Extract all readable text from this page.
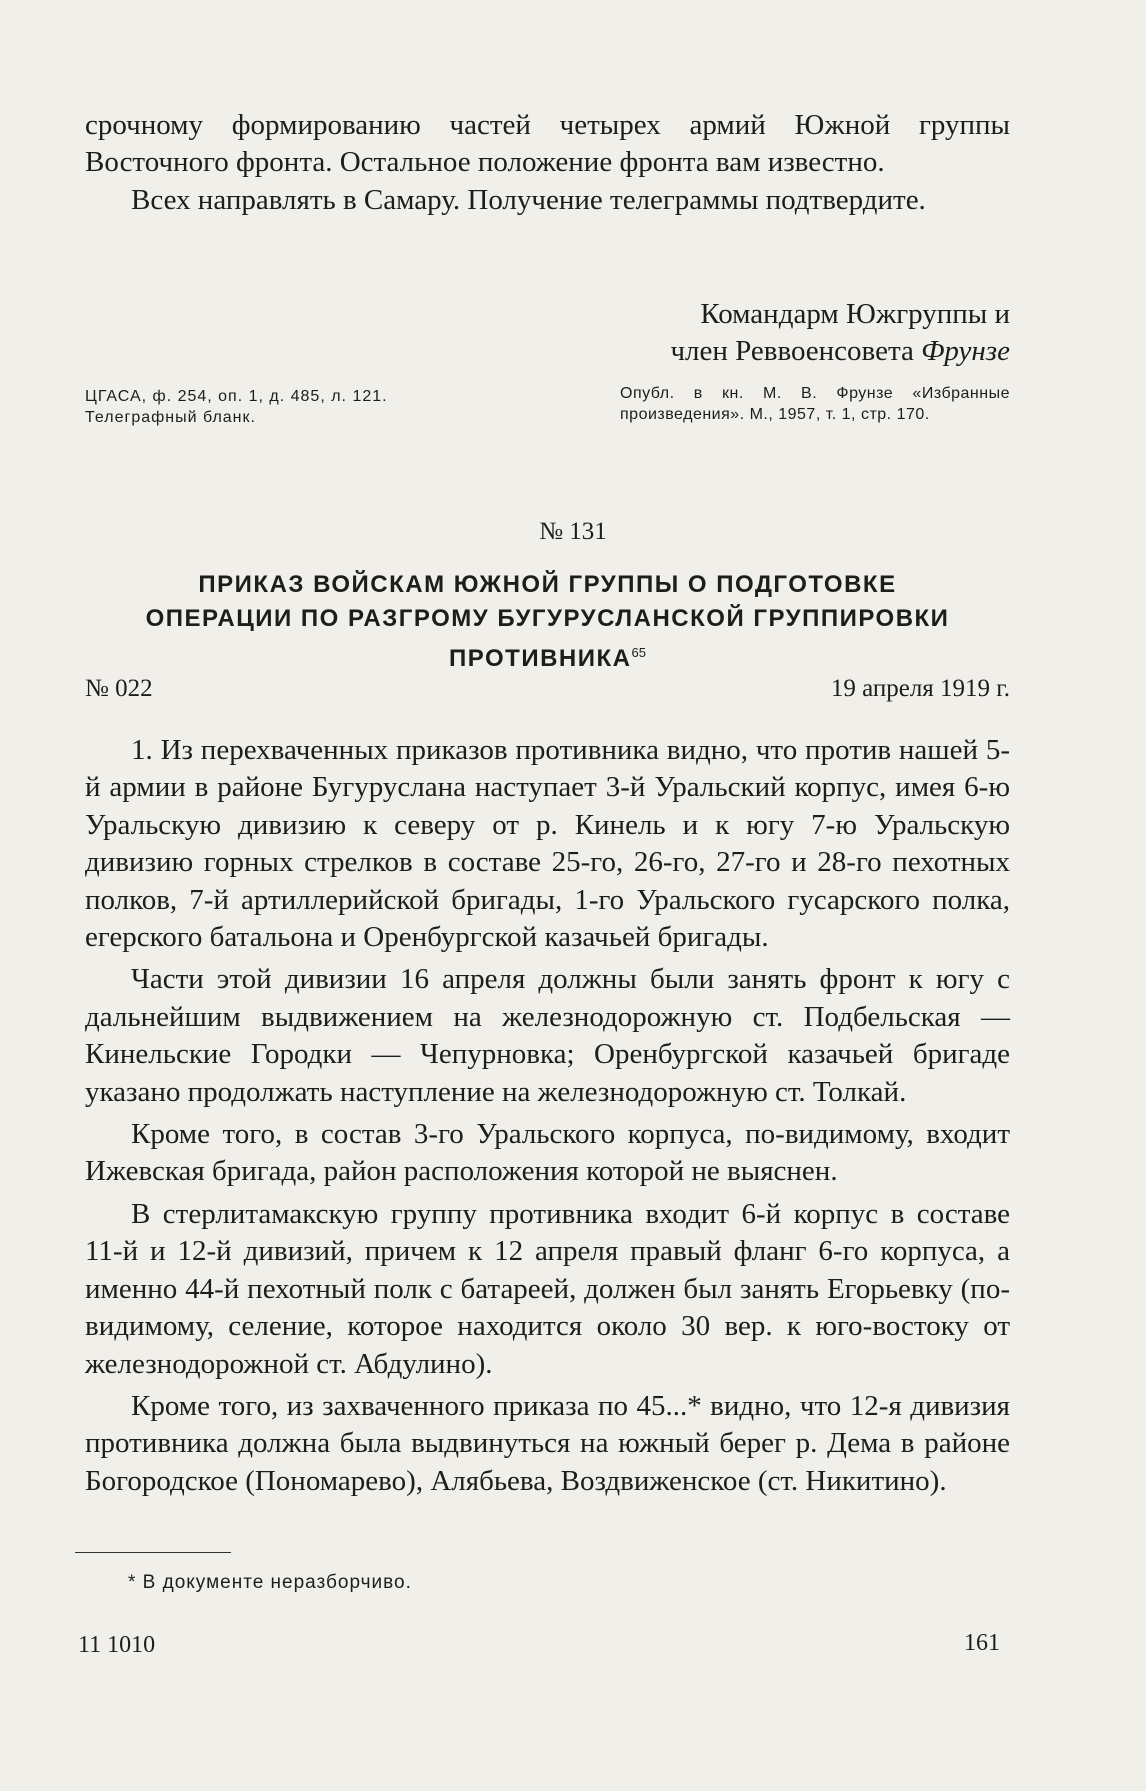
срочному формированию частей четырех армий Южной группы Восточного фронта. Остальное положение фронта вам известно.

Всех направлять в Самару. Получение телеграммы подтвердите.

Командарм Южгруппы и
член Реввоенсовета Фрунзе
ЦГАСА, ф. 254, оп. 1, д. 485, л. 121.
Телеграфный бланк.
Опубл. в кн. М. В. Фрунзе «Избранные произведения». М., 1957, т. 1, стр. 170.
№ 131
ПРИКАЗ ВОЙСКАМ ЮЖНОЙ ГРУППЫ О ПОДГОТОВКЕ
ОПЕРАЦИИ ПО РАЗГРОМУ БУГУРУСЛАНСКОЙ ГРУППИРОВКИ
ПРОТИВНИКА$^{65}$
№ 022	19 апреля 1919 г.

1. Из перехваченных приказов противника видно, что против нашей 5-й армии в районе Бугуруслана наступает 3-й Уральский корпус, имея 6-ю Уральскую дивизию к северу от р. Кинель и к югу 7-ю Уральскую дивизию горных стрелков в составе 25-го, 26-го, 27-го и 28-го пехотных полков, 7-й артиллерийской бригады, 1-го Уральского гусарского полка, егерского батальона и Оренбургской казачьей бригады.

Части этой дивизии 16 апреля должны были занять фронт к югу с дальнейшим выдвижением на железнодорожную ст. Подбельская — Кинельские Городки — Чепурновка; Оренбургской казачьей бригаде указано продолжать наступление на железнодорожную ст. Толкай.

Кроме того, в состав 3-го Уральского корпуса, по-видимому, входит Ижевская бригада, район расположения которой не выяснен.

В стерлитамакскую группу противника входит 6-й корпус в составе 11-й и 12-й дивизий, причем к 12 апреля правый фланг 6-го корпуса, а именно 44-й пехотный полк с батареей, должен был занять Егорьевку (по-видимому, селение, которое находится около 30 вер. к юго-востоку от железнодорожной ст. Абдулино).

Кроме того, из захваченного приказа по 45...* видно, что 12-я дивизия противника должна была выдвинуться на южный берег р. Дема в районе Богородское (Пономарево), Алябьева, Воздвиженское (ст. Никитино).

* В документе неразборчиво.
11 1010	161
